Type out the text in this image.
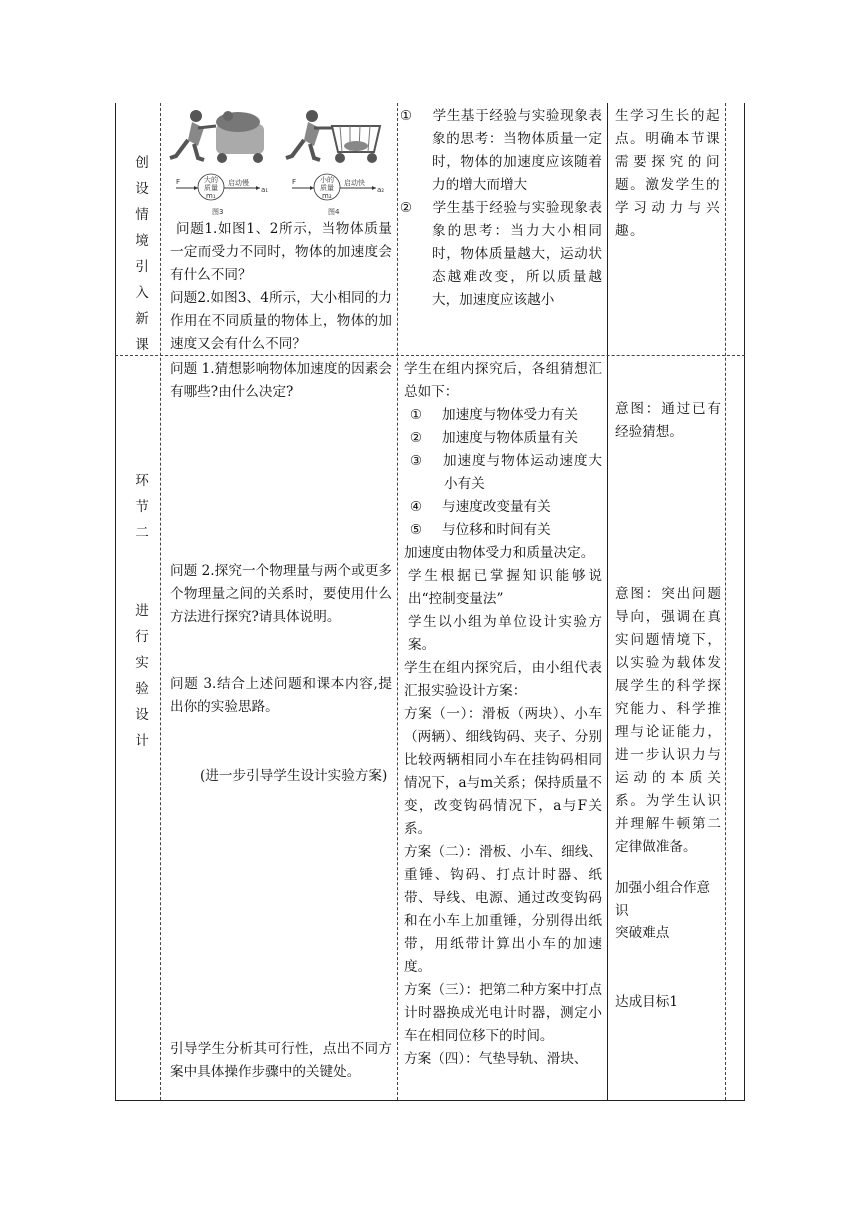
创
设
情
境
引
入
新
课
F	大的
质量
m₁
启动慢
a₁
图3
F	小的
质量
m₂
启动快
a₂
图4

问题1.如图1、2所示，当物体质量一定而受力不同时，物体的加速度会有什么不同？

问题2.如图3、4所示，大小相同的力作用在不同质量的物体上，物体的加速度又会有什么不同？

① 学生基于经验与实验现象表象的思考：当物体质量一定时，物体的加速度应该随着力的增大而增大

② 学生基于经验与实验现象表象的思考：当力大小相同时，物体质量越大，运动状态越难改变，所以质量越大，加速度应该越小

生学习生长的起点。明确本节课需要探究的问题。激发学生的学习动力与兴趣。
环
节
二
进
行
实
验
设
计
问题 1.猜想影响物体加速度的因素会有哪些?由什么决定?
问题 2.探究一个物理量与两个或更多个物理量之间的关系时，要使用什么方法进行探究?请具体说明。
问题 3.结合上述问题和课本内容,提出你的实验思路。
(进一步引导学生设计实验方案)
引导学生分析其可行性，点出不同方案中具体操作步骤中的关键处。

学生在组内探究后，各组猜想汇总如下：

① 加速度与物体受力有关

② 加速度与物体质量有关

③ 加速度与物体运动速度大小有关

④ 与速度改变量有关

⑤ 与位移和时间有关

加速度由物体受力和质量决定。

学生根据已掌握知识能够说出“控制变量法”

学生以小组为单位设计实验方案。

学生在组内探究后，由小组代表汇报实验设计方案：

方案（一）：滑板（两块）、小车（两辆）、细线钩码、夹子、分别比较两辆相同小车在挂钩码相同情况下，a与m关系；保持质量不变，改变钩码情况下，a与F关系。

方案（二）：滑板、小车、细线、重锤、钩码、打点计时器、纸带、导线、电源、通过改变钩码和在小车上加重锤，分别得出纸带，用纸带计算出小车的加速度。

方案（三）：把第二种方案中打点计时器换成光电计时器，测定小车在相同位移下的时间。

方案（四）：气垫导轨、滑块、

意图：通过已有经验猜想。
意图：突出问题导向，强调在真实问题情境下，以实验为载体发展学生的科学探究能力、科学推理与论证能力，进一步认识力与运动的本质关系。为学生认识并理解牛顿第二定律做准备。
加强小组合作意识
突破难点
达成目标1
